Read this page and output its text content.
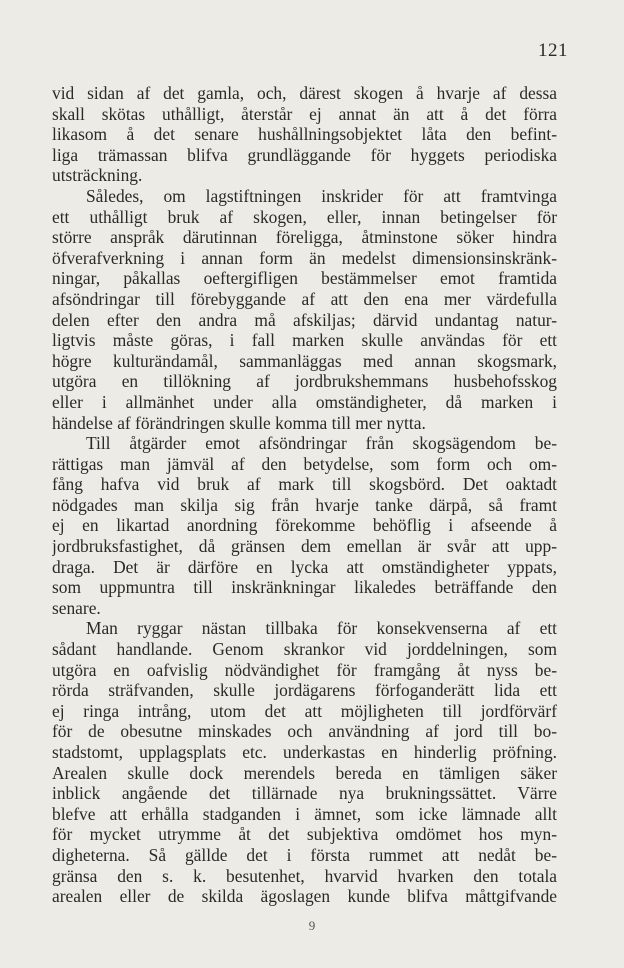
121
vid sidan af det gamla, och, därest skogen å hvarje af dessa
skall skötas uthålligt, återstår ej annat än att å det förra
likasom å det senare hushållningsobjektet låta den befint-
liga trämassan blifva grundläggande för hyggets periodiska
utsträckning.
Således, om lagstiftningen inskrider för att framtvinga
ett uthålligt bruk af skogen, eller, innan betingelser för
större anspråk därutinnan föreligga, åtminstone söker hindra
öfverafverkning i annan form än medelst dimensionsinskränk-
ningar, påkallas oeftergifligen bestämmelser emot framtida
afsöndringar till förebyggande af att den ena mer värdefulla
delen efter den andra må afskiljas; därvid undantag natur-
ligtvis måste göras, i fall marken skulle användas för ett
högre kulturändamål, sammanläggas med annan skogsmark,
utgöra en tillökning af jordbrukshemmans husbehofsskog
eller i allmänhet under alla omständigheter, då marken i
händelse af förändringen skulle komma till mer nytta.
Till åtgärder emot afsöndringar från skogsägendom be-
rättigas man jämväl af den betydelse, som form och om-
fång hafva vid bruk af mark till skogsbörd. Det oaktadt
nödgades man skilja sig från hvarje tanke därpå, så framt
ej en likartad anordning förekomme behöflig i afseende å
jordbruksfastighet, då gränsen dem emellan är svår att upp-
draga. Det är därföre en lycka att omständigheter yppats,
som uppmuntra till inskränkningar likaledes beträffande den
senare.
Man ryggar nästan tillbaka för konsekvenserna af ett
sådant handlande. Genom skrankor vid jorddelningen, som
utgöra en oafvislig nödvändighet för framgång åt nyss be-
rörda sträfvanden, skulle jordägarens förfoganderätt lida ett
ej ringa intrång, utom det att möjligheten till jordförvärf
för de obesutne minskades och användning af jord till bo-
stadstomt, upplagsplats etc. underkastas en hinderlig pröfning.
Arealen skulle dock merendels bereda en tämligen säker
inblick angående det tillärnade nya brukningssättet. Värre
blefve att erhålla stadganden i ämnet, som icke lämnade allt
för mycket utrymme åt det subjektiva omdömet hos myn-
digheterna. Så gällde det i första rummet att nedåt be-
gränsa den s. k. besutenhet, hvarvid hvarken den totala
arealen eller de skilda ägoslagen kunde blifva måttgifvande
9
